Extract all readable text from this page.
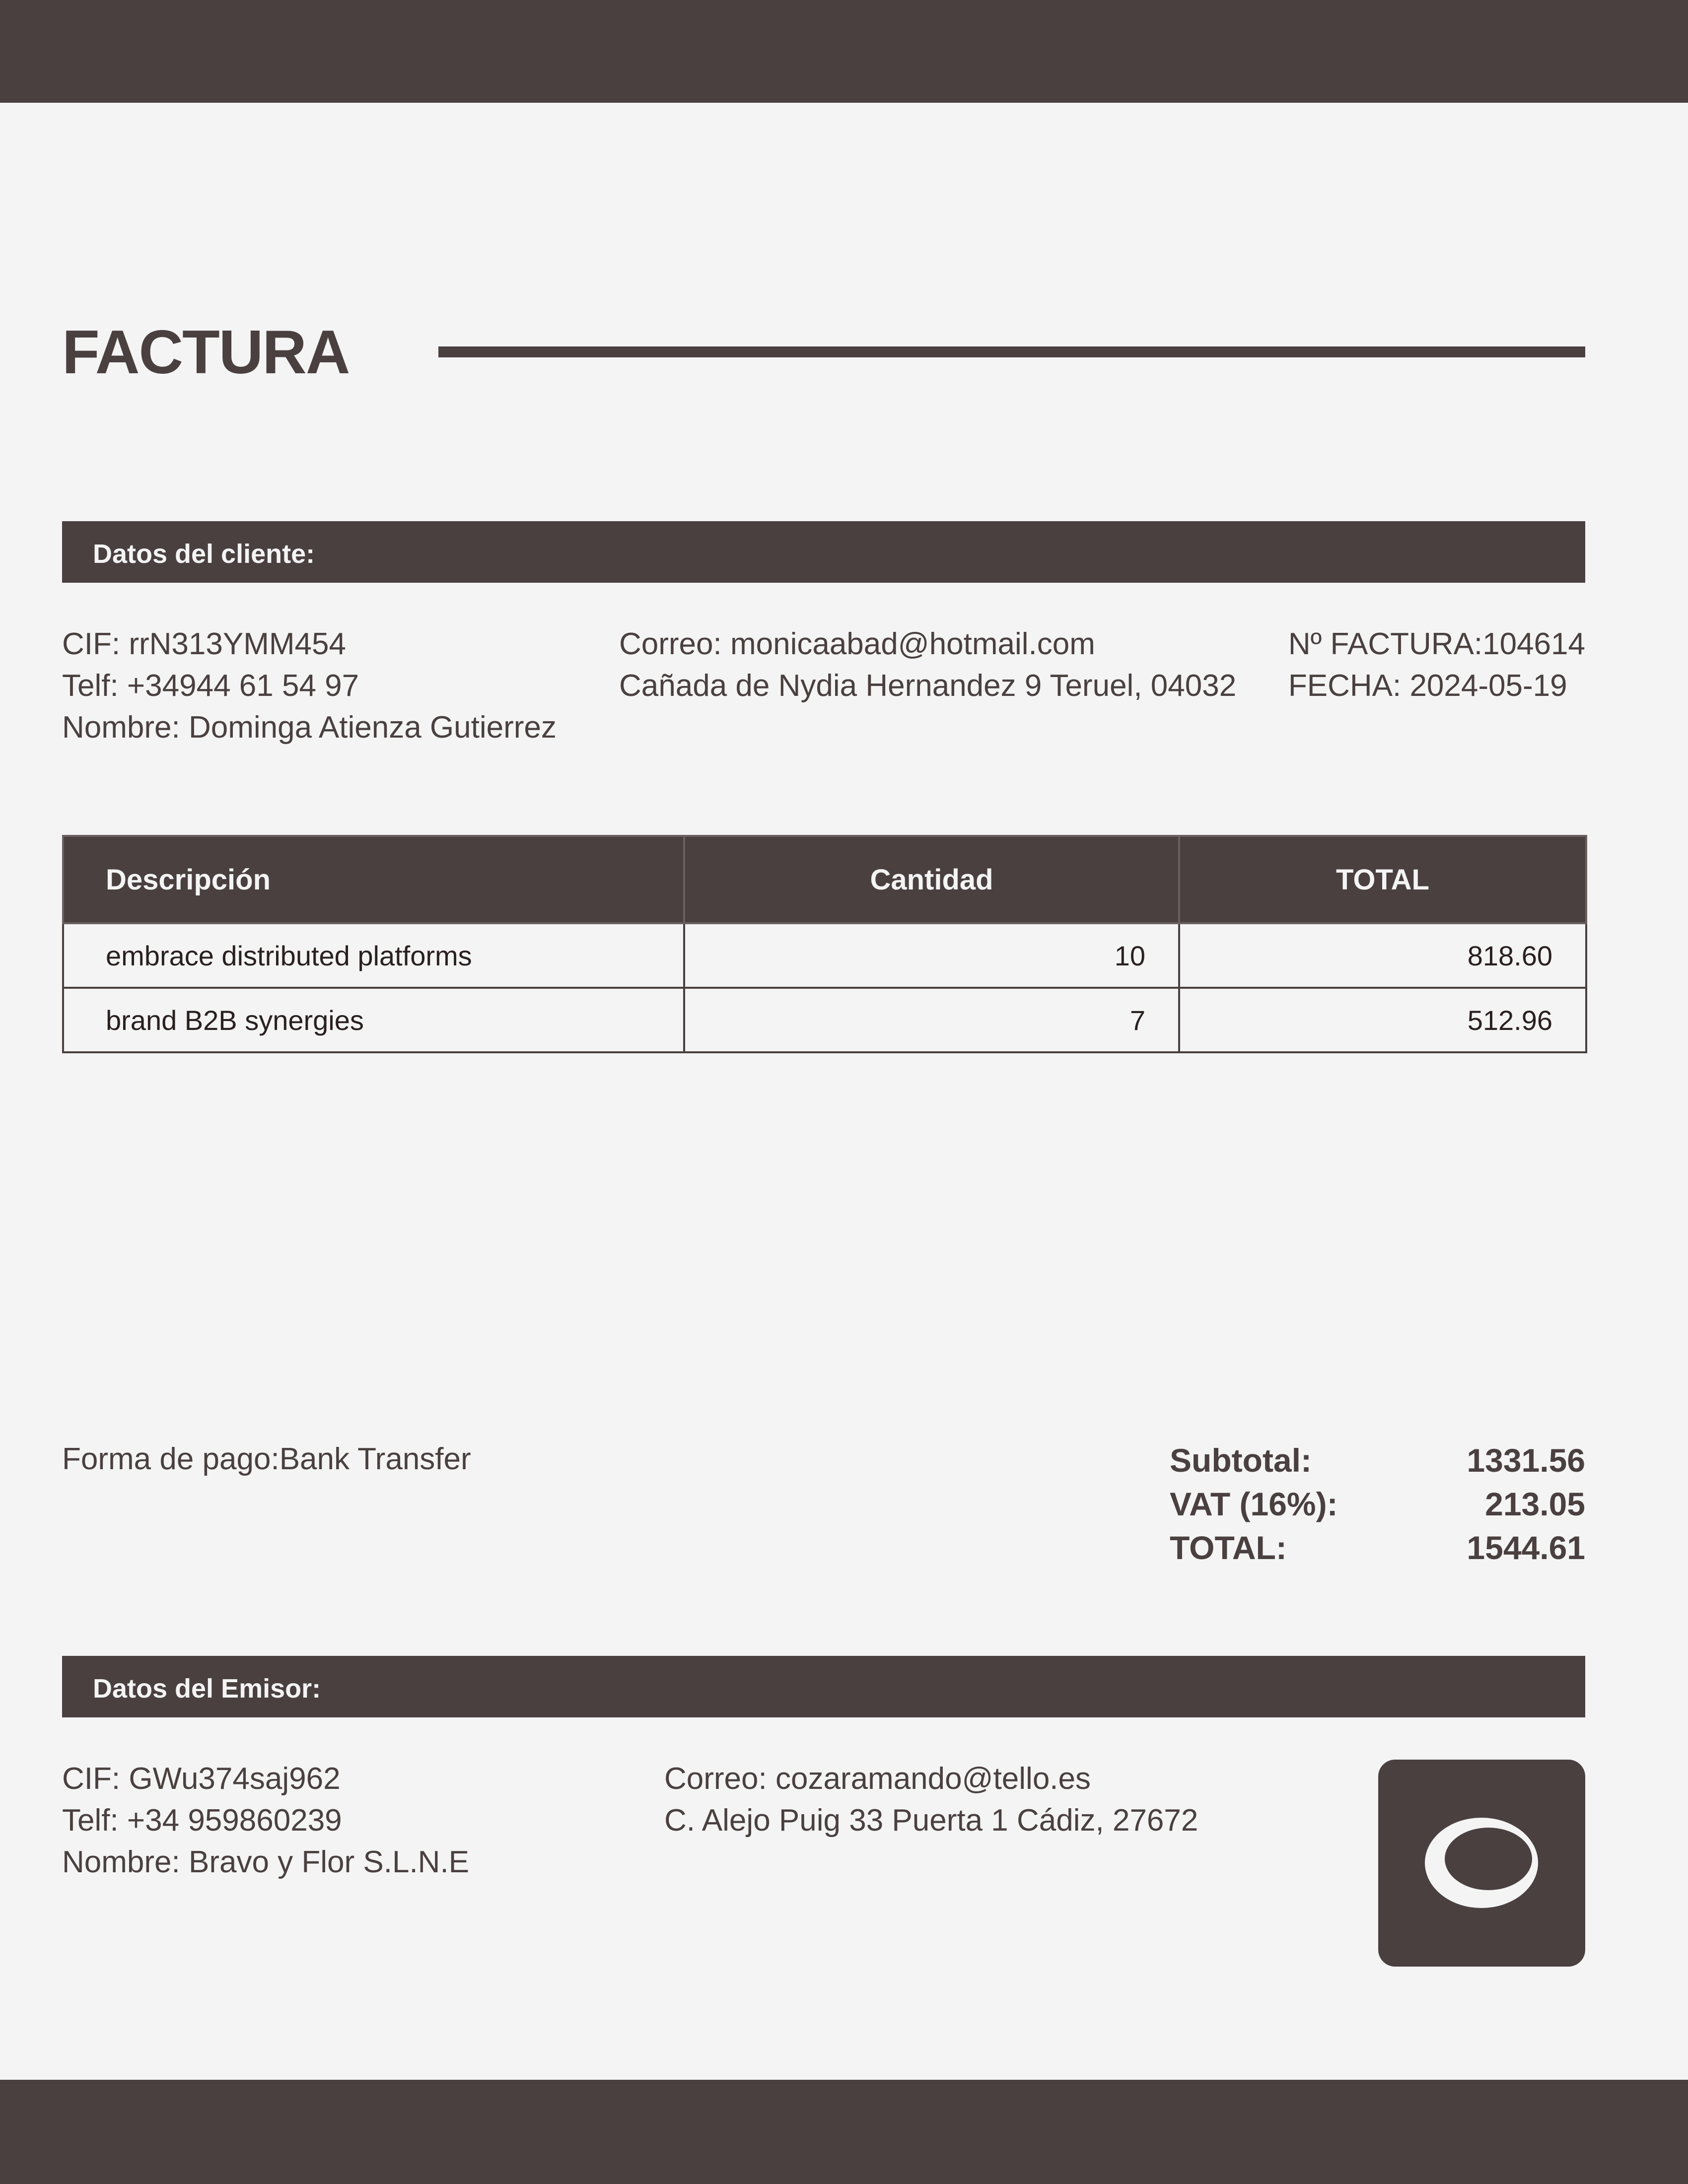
FACTURA
Datos del cliente:
CIF: rrN313YMM454
Telf: +34944 61 54 97
Nombre: Dominga Atienza Gutierrez
Correo: monicaabad@hotmail.com
Cañada de Nydia Hernandez 9 Teruel, 04032
Nº FACTURA:104614
FECHA: 2024-05-19
Descripción	Cantidad	TOTAL
embrace distributed platforms	10	818.60
brand B2B synergies	7	512.96
Forma de pago:Bank Transfer	Subtotal:	1331.56
VAT (16%):	213.05
TOTAL:	1544.61
Datos del Emisor:
CIF: GWu374saj962
Telf: +34 959860239
Nombre: Bravo y Flor S.L.N.E
Correo: cozaramando@tello.es
C. Alejo Puig 33 Puerta 1 Cádiz, 27672
